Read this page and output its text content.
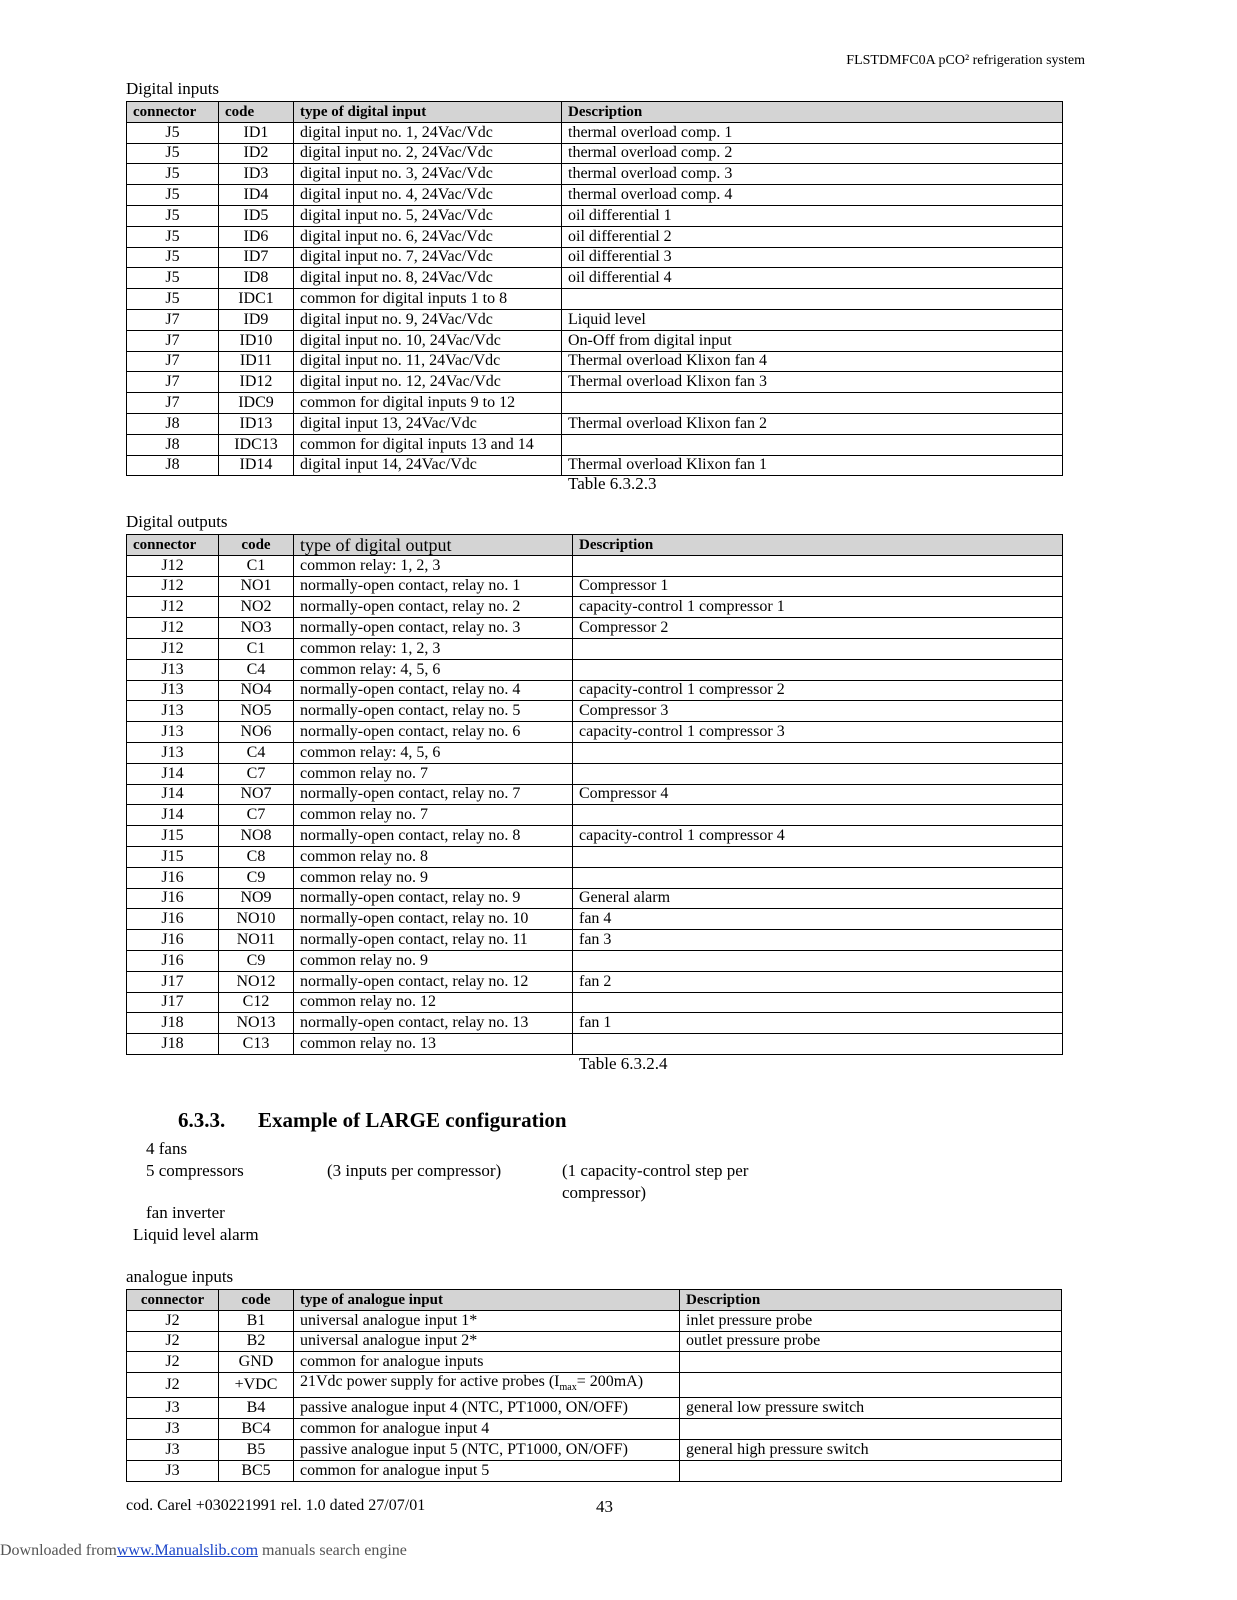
FLSTDMFC0A pCO² refrigeration system
Digital inputs
connector	code	type of digital input	Description
J5	ID1	digital input no. 1, 24Vac/Vdc	thermal overload comp. 1
J5	ID2	digital input no. 2, 24Vac/Vdc	thermal overload comp. 2
J5	ID3	digital input no. 3, 24Vac/Vdc	thermal overload comp. 3
J5	ID4	digital input no. 4, 24Vac/Vdc	thermal overload comp. 4
J5	ID5	digital input no. 5, 24Vac/Vdc	oil differential 1
J5	ID6	digital input no. 6, 24Vac/Vdc	oil differential 2
J5	ID7	digital input no. 7, 24Vac/Vdc	oil differential 3
J5	ID8	digital input no. 8, 24Vac/Vdc	oil differential 4
J5	IDC1	common for digital inputs 1 to 8	
J7	ID9	digital input no. 9, 24Vac/Vdc	Liquid level
J7	ID10	digital input no. 10, 24Vac/Vdc	On-Off from digital input
J7	ID11	digital input no. 11, 24Vac/Vdc	Thermal overload Klixon fan 4
J7	ID12	digital input no. 12, 24Vac/Vdc	Thermal overload Klixon fan 3
J7	IDC9	common for digital inputs 9 to 12	
J8	ID13	digital input 13, 24Vac/Vdc	Thermal overload Klixon fan 2
J8	IDC13	common for digital inputs 13 and 14	
J8	ID14	digital input 14, 24Vac/Vdc	Thermal overload Klixon fan 1
Table 6.3.2.3
Digital outputs
connector	code	type of digital output	Description
J12	C1	common relay: 1, 2, 3	
J12	NO1	normally-open contact, relay no. 1	Compressor 1
J12	NO2	normally-open contact, relay no. 2	capacity-control 1 compressor 1
J12	NO3	normally-open contact, relay no. 3	Compressor 2
J12	C1	common relay: 1, 2, 3	
J13	C4	common relay: 4, 5, 6	
J13	NO4	normally-open contact, relay no. 4	capacity-control 1 compressor 2
J13	NO5	normally-open contact, relay no. 5	Compressor 3
J13	NO6	normally-open contact, relay no. 6	capacity-control 1 compressor 3
J13	C4	common relay: 4, 5, 6	
J14	C7	common relay no. 7	
J14	NO7	normally-open contact, relay no. 7	Compressor 4
J14	C7	common relay no. 7	
J15	NO8	normally-open contact, relay no. 8	capacity-control 1 compressor 4
J15	C8	common relay no. 8	
J16	C9	common relay no. 9	
J16	NO9	normally-open contact, relay no. 9	General alarm
J16	NO10	normally-open contact, relay no. 10	fan 4
J16	NO11	normally-open contact, relay no. 11	fan 3
J16	C9	common relay no. 9	
J17	NO12	normally-open contact, relay no. 12	fan 2
J17	C12	common relay no. 12	
J18	NO13	normally-open contact, relay no. 13	fan 1
J18	C13	common relay no. 13	
Table 6.3.2.4
6.3.3. Example of LARGE configuration
4 fans
5 compressors	(3 inputs per compressor)	(1 capacity-control step per
compressor)
fan inverter
Liquid level alarm
analogue inputs
connector	code	type of analogue input	Description
J2	B1	universal analogue input 1*	inlet pressure probe
J2	B2	universal analogue input 2*	outlet pressure probe
J2	GND	common for analogue inputs	
J2	+VDC	21Vdc power supply for active probes $(I_{max}= 200mA)$	
J3	B4	passive analogue input 4 (NTC, PT1000, ON/OFF)	general low pressure switch
J3	BC4	common for analogue input 4	
J3	B5	passive analogue input 5 (NTC, PT1000, ON/OFF)	general high pressure switch
J3	BC5	common for analogue input 5	
cod. Carel +030221991 rel. 1.0 dated 27/07/01	43
Downloaded fromwww.Manualslib.com manuals search engine
